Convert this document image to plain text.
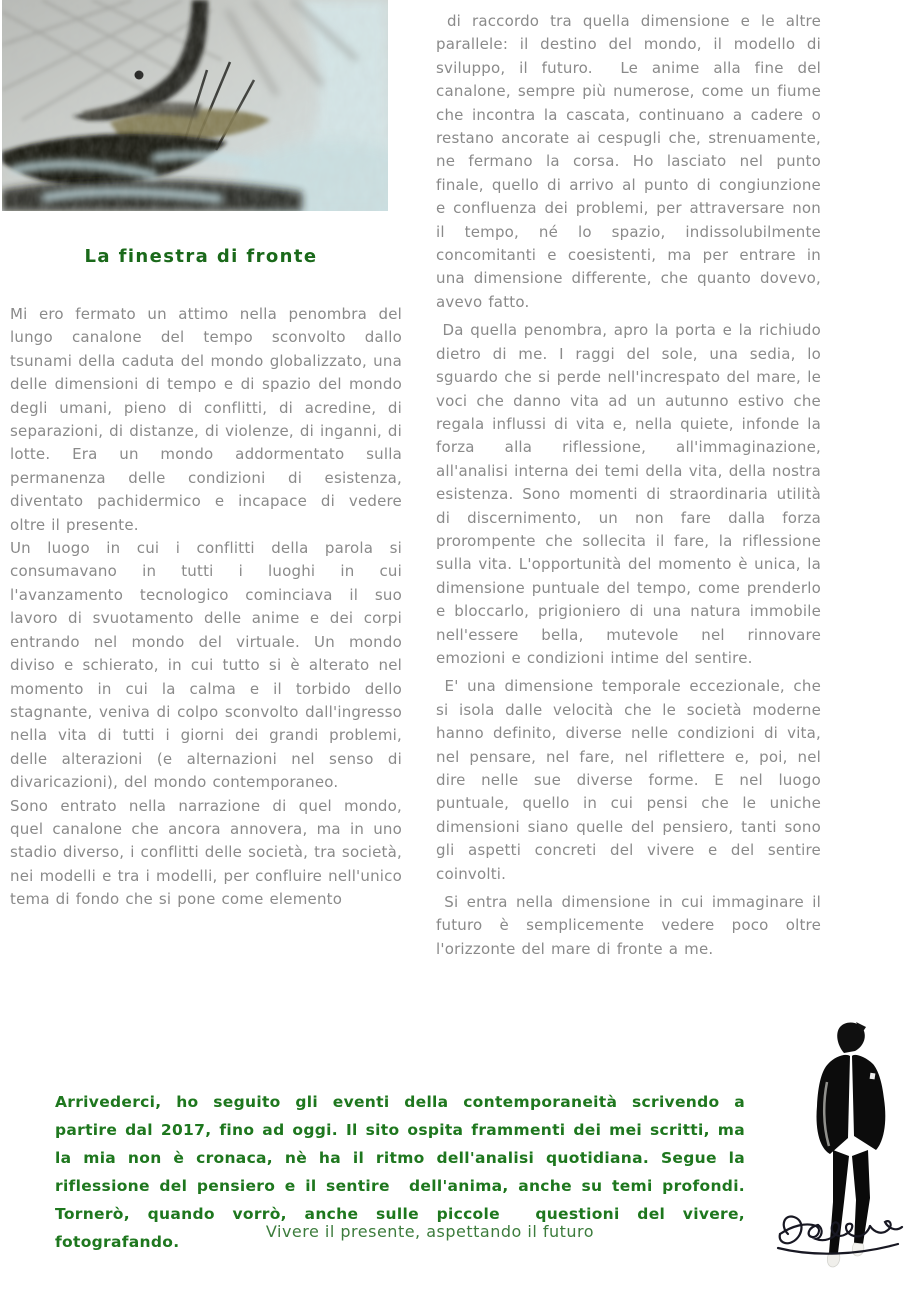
La finestra di fronte

Mi ero fermato un attimo nella penombra del lungo canalone del tempo sconvolto dallo tsunami della caduta del mondo globalizzato, una delle dimensioni di tempo e di spazio del mondo degli umani, pieno di conflitti, di acredine, di separazioni, di distanze, di violenze, di inganni, di lotte. Era un mondo addormentato sulla permanenza delle condizioni di esistenza, diventato pachidermico e incapace di vedere oltre il presente.

Un luogo in cui i conflitti della parola si consumavano in tutti i luoghi in cui l'avanzamento tecnologico cominciava il suo lavoro di svuotamento delle anime e dei corpi entrando nel mondo del virtuale. Un mondo diviso e schierato, in cui tutto si è alterato nel momento in cui la calma e il torbido dello stagnante, veniva di colpo sconvolto dall'ingresso nella vita di tutti i giorni dei grandi problemi, delle alterazioni (e alternazioni nel senso di divaricazioni), del mondo contemporaneo.

Sono entrato nella narrazione di quel mondo, quel canalone che ancora annovera, ma in uno stadio diverso, i conflitti delle società, tra società, nei modelli e tra i modelli, per confluire nell'unico tema di fondo che si pone come elemento

di raccordo tra quella dimensione e le altre parallele: il destino del mondo, il modello di sviluppo, il futuro.  Le anime alla fine del canalone, sempre più numerose, come un fiume che incontra la cascata, continuano a cadere o restano ancorate ai cespugli che, strenuamente, ne fermano la corsa. Ho lasciato nel punto finale, quello di arrivo al punto di congiunzione e confluenza dei problemi, per attraversare non il tempo, né lo spazio, indissolubilmente concomitanti e coesistenti, ma per entrare in una dimensione differente, che quanto dovevo, avevo fatto.

Da quella penombra, apro la porta e la richiudo dietro di me. I raggi del sole, una sedia, lo sguardo che si perde nell'increspato del mare, le voci che danno vita ad un autunno estivo che regala influssi di vita e, nella quiete, infonde la forza alla riflessione, all'immaginazione, all'analisi interna dei temi della vita, della nostra esistenza. Sono momenti di straordinaria utilità di discernimento, un non fare dalla forza prorompente che sollecita il fare, la riflessione sulla vita. L'opportunità del momento è unica, la dimensione puntuale del tempo, come prenderlo e bloccarlo, prigioniero di una natura immobile nell'essere bella, mutevole nel rinnovare emozioni e condizioni intime del sentire.

E' una dimensione temporale eccezionale, che si isola dalle velocità che le società moderne hanno definito, diverse nelle condizioni di vita, nel pensare, nel fare, nel riflettere e, poi, nel dire nelle sue diverse forme. E nel luogo puntuale, quello in cui pensi che le uniche dimensioni siano quelle del pensiero, tanti sono gli aspetti concreti del vivere e del sentire coinvolti.

Si entra nella dimensione in cui immaginare il futuro è semplicemente vedere poco oltre l'orizzonte del mare di fronte a me.

Arrivederci, ho seguito gli eventi della contemporaneità scrivendo a partire dal 2017, fino ad oggi. Il sito ospita frammenti dei mei scritti, ma la mia non è cronaca, nè ha il ritmo dell'analisi quotidiana. Segue la riflessione del pensiero e il sentire  dell'anima, anche su temi profondi. Tornerò, quando vorrò, anche sulle piccole  questioni del vivere, fotografando.

Vivere il presente, aspettando il futuro
